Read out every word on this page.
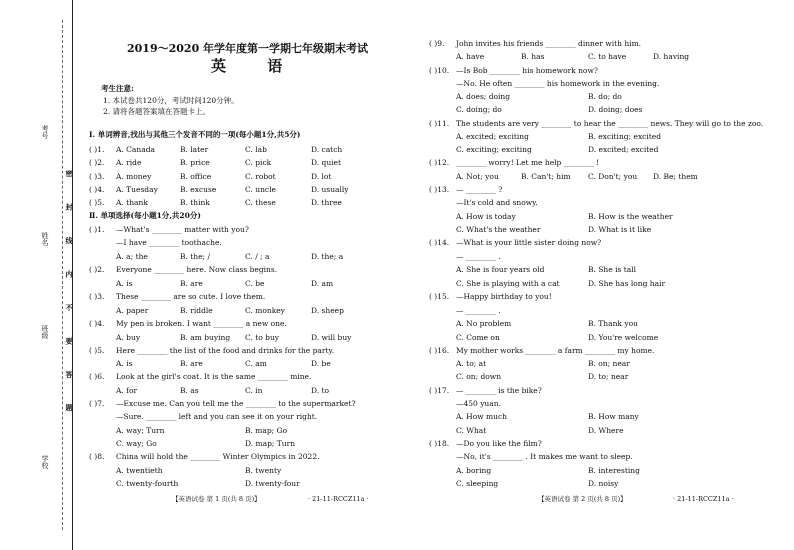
考号
姓名
班级
学校
密 封 线 内 不 要 答 题
2019～2020 年学年度第一学期七年级期末考试
英 语
考生注意:
1. 本试卷共120分，考试时间120分钟。
2. 请将各题答案填在答题卡上。
Ⅰ. 单词辨音,找出与其他三个发音不同的一项(每小题1分,共5分)
( )1. A. Canada	B. later	C. lab	D. catch
( )2. A. ride	B. price	C. pick	D. quiet
( )3. A. money	B. office	C. robot	D. lot
( )4. A. Tuesday	B. excuse	C. uncle	D. usually
( )5. A. thank	B. think	C. these	D. three
Ⅱ. 单项选择(每小题1分,共20分)
( )1. —What's ________ matter with you?
—I have ________ toothache.
A. a; the	B. the; /	C. / ; a	D. the; a
( )2. Everyone ________ here. Now class begins.
A. is	B. are	C. be	D. am
( )3. These ________ are so cute. I love them.
A. paper	B. riddle	C. monkey	D. sheep
( )4. My pen is broken. I want ________ a new one.
A. buy	B. am buying C. to buy	D. will buy
( )5. Here ________ the list of the food and drinks for the party.
A. is	B. are	C. am	D. be
( )6. Look at the girl's coat. It is the same ________ mine.
A. for	B. as	C. in	D. to
( )7. —Excuse me. Can you tell me the ________ to the supermarket?
—Sure. ________ left and you can see it on your right.
A. way; Turn	B. map; Go
C. way; Go	D. map; Turn
( )8. China will hold the ________ Winter Olympics in 2022.
A. twentieth	B. twenty
C. twenty-fourth	D. twenty-four
【英语试卷 第 1 页(共 8 页)】	· 21-11-RCCZ11a ·
( )9. John invites his friends ________ dinner with him.
A. have	B. has	C. to have	D. having
( )10. —Is Bob ________ his homework now?
—No. He often ________ his homework in the evening.
A. does; doing	B. do; do
C. doing; do	D. doing; does
( )11. The students are very ________ to hear the ________ news. They will go to the zoo.
A. excited; exciting	B. exciting; excited
C. exciting; exciting	D. excited; excited
( )12. ________ worry! Let me help ________ !
A. Not; you	B. Can't; him C. Don't; you D. Be; them
( )13. — ________ ?
—It's cold and snowy.
A. How is today	B. How is the weather
C. What's the weather	D. What is it like
( )14. —What is your little sister doing now?
— ________ .
A. She is four years old	B. She is tall
C. She is playing with a cat	D. She has long hair
( )15. —Happy birthday to you!
— ________ .
A. No problem	B. Thank you
C. Come on	D. You're welcome
( )16. My mother works ________ a farm ________ my home.
A. to; at	B. on; near
C. on; down	D. to; near
( )17. — ________ is the bike?
—450 yuan.
A. How much	B. How many
C. What	D. Where
( )18. —Do you like the film?
—No, it's ________ . It makes me want to sleep.
A. boring	B. interesting
C. sleeping	D. noisy
【英语试卷 第 2 页(共 8 页)】	· 21-11-RCCZ11a ·
